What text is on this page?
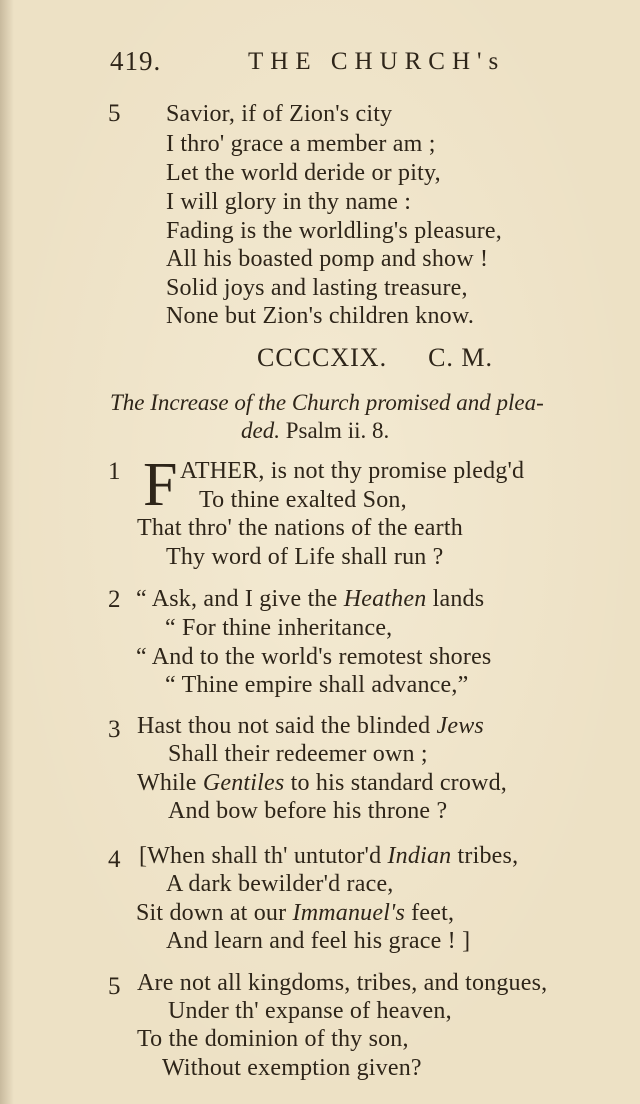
419.	THE CHURCH's
5 Savior, if of Zion's city
I thro' grace a member am ;
Let the world deride or pity,
I will glory in thy name :
Fading is the worldling's pleasure,
All his boasted pomp and show !
Solid joys and lasting treasure,
None but Zion's children know.
CCCCXIX. C. M.
The Increase of the Church promised and plea-
ded. Psalm ii. 8.
1 F ATHER, is not thy promise pledg'd
To thine exalted Son,
That thro' the nations of the earth
Thy word of Life shall run ?
2 “ Ask, and I give the Heathen lands
“ For thine inheritance,
“ And to the world's remotest shores
“ Thine empire shall advance,”
3 Hast thou not said the blinded Jews
Shall their redeemer own ;
While Gentiles to his standard crowd,
And bow before his throne ?
4 [When shall th' untutor'd Indian tribes,
A dark bewilder'd race,
Sit down at our Immanuel's feet,
And learn and feel his grace ! ]
5 Are not all kingdoms, tribes, and tongues,
Under th' expanse of heaven,
To the dominion of thy son,
Without exemption given?
